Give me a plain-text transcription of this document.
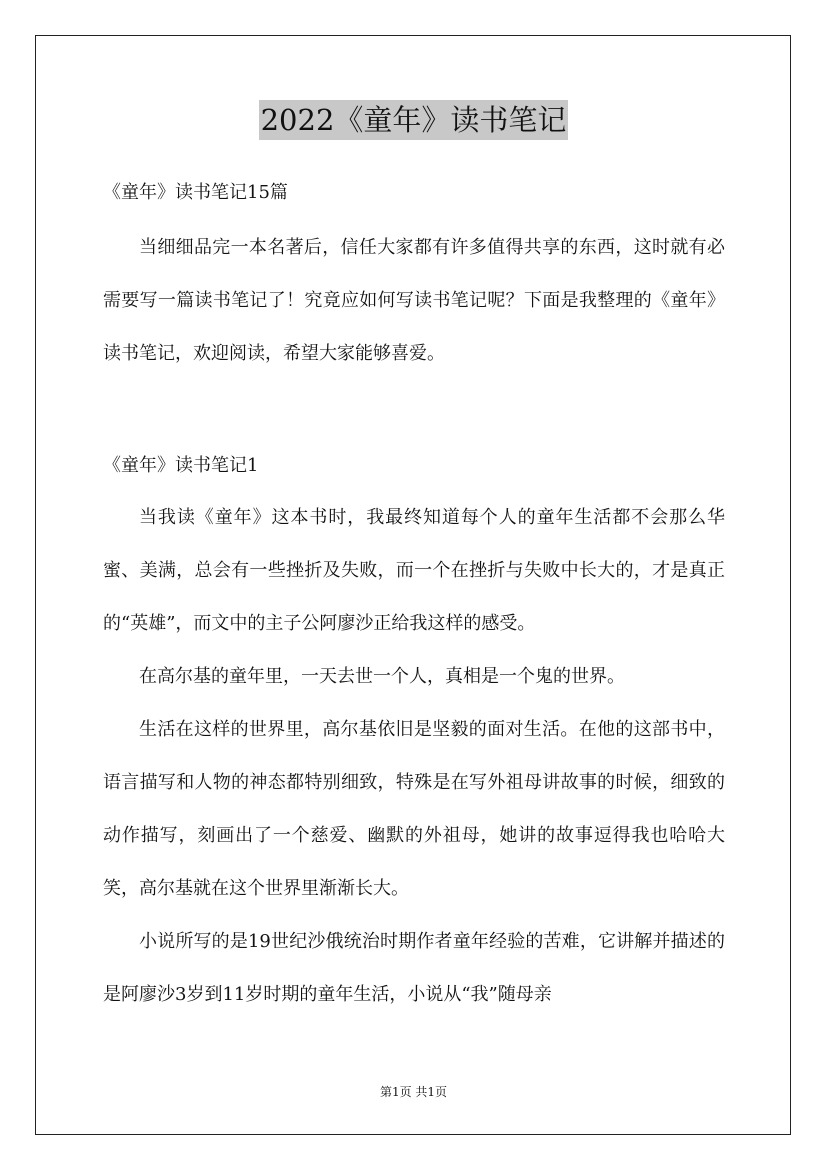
2022《童年》读书笔记
《童年》读书笔记15篇

当细细品完一本名著后，信任大家都有许多值得共享的东西，这时就有必需要写一篇读书笔记了！究竟应如何写读书笔记呢？下面是我整理的《童年》读书笔记，欢迎阅读，希望大家能够喜爱。

《童年》读书笔记1

当我读《童年》这本书时，我最终知道每个人的童年生活都不会那么华蜜、美满，总会有一些挫折及失败，而一个在挫折与失败中长大的，才是真正的“英雄”，而文中的主子公阿廖沙正给我这样的感受。

在高尔基的童年里，一天去世一个人，真相是一个鬼的世界。

生活在这样的世界里，高尔基依旧是坚毅的面对生活。在他的这部书中，语言描写和人物的神态都特别细致，特殊是在写外祖母讲故事的时候，细致的动作描写，刻画出了一个慈爱、幽默的外祖母，她讲的故事逗得我也哈哈大笑，高尔基就在这个世界里渐渐长大。

小说所写的是19世纪沙俄统治时期作者童年经验的苦难，它讲解并描述的是阿廖沙3岁到11岁时期的童年生活，小说从“我”随母亲

第1页 共1页
